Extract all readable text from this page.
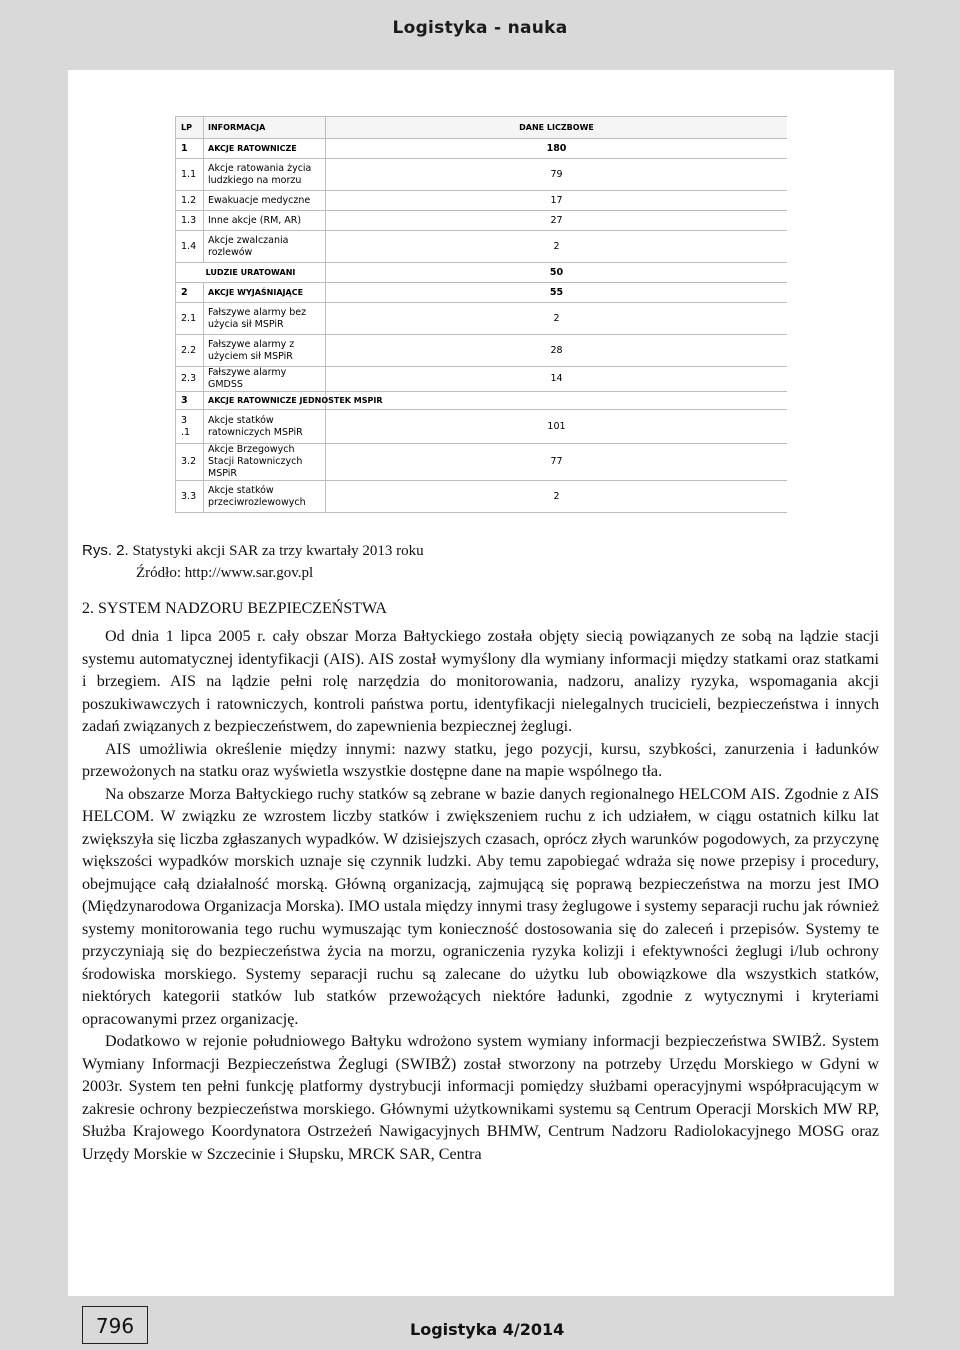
Logistyka - nauka
LP	INFORMACJA	DANE LICZBOWE
1	AKCJE RATOWNICZE	180
1.1	Akcje ratowania życia ludzkiego na morzu	79
1.2	Ewakuacje medyczne	17
1.3	Inne akcje (RM, AR)	27
1.4	Akcje zwalczania rozlewów	2
LUDZIE URATOWANI		50
2	AKCJE WYJAŚNIAJĄCE	55
2.1	Fałszywe alarmy bez użycia sił MSPiR	2
2.2	Fałszywe alarmy z użyciem sił MSPiR	28
2.3	Fałszywe alarmy GMDSS	14
3	AKCJE RATOWNICZE JEDNOSTEK MSPIR	
3 .1	Akcje statków ratowniczych MSPiR	101
3.2	Akcje Brzegowych Stacji Ratowniczych MSPiR	77
3.3	Akcje statków przeciwrozlewowych	2
Rys. 2. Statystyki akcji SAR za trzy kwartały 2013 roku
Źródło: http://www.sar.gov.pl
2. SYSTEM NADZORU BEZPIECZEŃSTWA

Od dnia 1 lipca 2005 r. cały obszar Morza Bałtyckiego została objęty siecią powiązanych ze sobą na lądzie stacji systemu automatycznej identyfikacji (AIS). AIS został wymyślony dla wymiany informacji między statkami oraz statkami i brzegiem. AIS na lądzie pełni rolę narzędzia do monitorowania, nadzoru, analizy ryzyka, wspomagania akcji poszukiwawczych i ratowniczych, kontroli państwa portu, identyfikacji nielegalnych trucicieli, bezpieczeństwa i innych zadań związanych z bezpieczeństwem, do zapewnienia bezpiecznej żeglugi.

AIS umożliwia określenie między innymi: nazwy statku, jego pozycji, kursu, szybkości, zanurzenia i ładunków przewożonych na statku oraz wyświetla wszystkie dostępne dane na mapie wspólnego tła.

Na obszarze Morza Bałtyckiego ruchy statków są zebrane w bazie danych regionalnego HELCOM AIS. Zgodnie z AIS HELCOM. W związku ze wzrostem liczby statków i zwiększeniem ruchu z ich udziałem, w ciągu ostatnich kilku lat zwiększyła się liczba zgłaszanych wypadków. W dzisiejszych czasach, oprócz złych warunków pogodowych, za przyczynę większości wypadków morskich uznaje się czynnik ludzki. Aby temu zapobiegać wdraża się nowe przepisy i procedury, obejmujące całą działalność morską. Główną organizacją, zajmującą się poprawą bezpieczeństwa na morzu jest IMO (Międzynarodowa Organizacja Morska). IMO ustala między innymi trasy żeglugowe i systemy separacji ruchu jak również systemy monitorowania tego ruchu wymuszając tym konieczność dostosowania się do zaleceń i przepisów. Systemy te przyczyniają się do bezpieczeństwa życia na morzu, ograniczenia ryzyka kolizji i efektywności żeglugi i/lub ochrony środowiska morskiego. Systemy separacji ruchu są zalecane do użytku lub obowiązkowe dla wszystkich statków, niektórych kategorii statków lub statków przewożących niektóre ładunki, zgodnie z wytycznymi i kryteriami opracowanymi przez organizację.

Dodatkowo w rejonie południowego Bałtyku wdrożono system wymiany informacji bezpieczeństwa SWIBŻ. System Wymiany Informacji Bezpieczeństwa Żeglugi (SWIBŻ) został stworzony na potrzeby Urzędu Morskiego w Gdyni w 2003r. System ten pełni funkcję platformy dystrybucji informacji pomiędzy służbami operacyjnymi współpracującym w zakresie ochrony bezpieczeństwa morskiego. Głównymi użytkownikami systemu są Centrum Operacji Morskich MW RP, Służba Krajowego Koordynatora Ostrzeżeń Nawigacyjnych BHMW, Centrum Nadzoru Radiolokacyjnego MOSG oraz Urzędy Morskie w Szczecinie i Słupsku, MRCK SAR, Centra

796	Logistyka 4/2014
